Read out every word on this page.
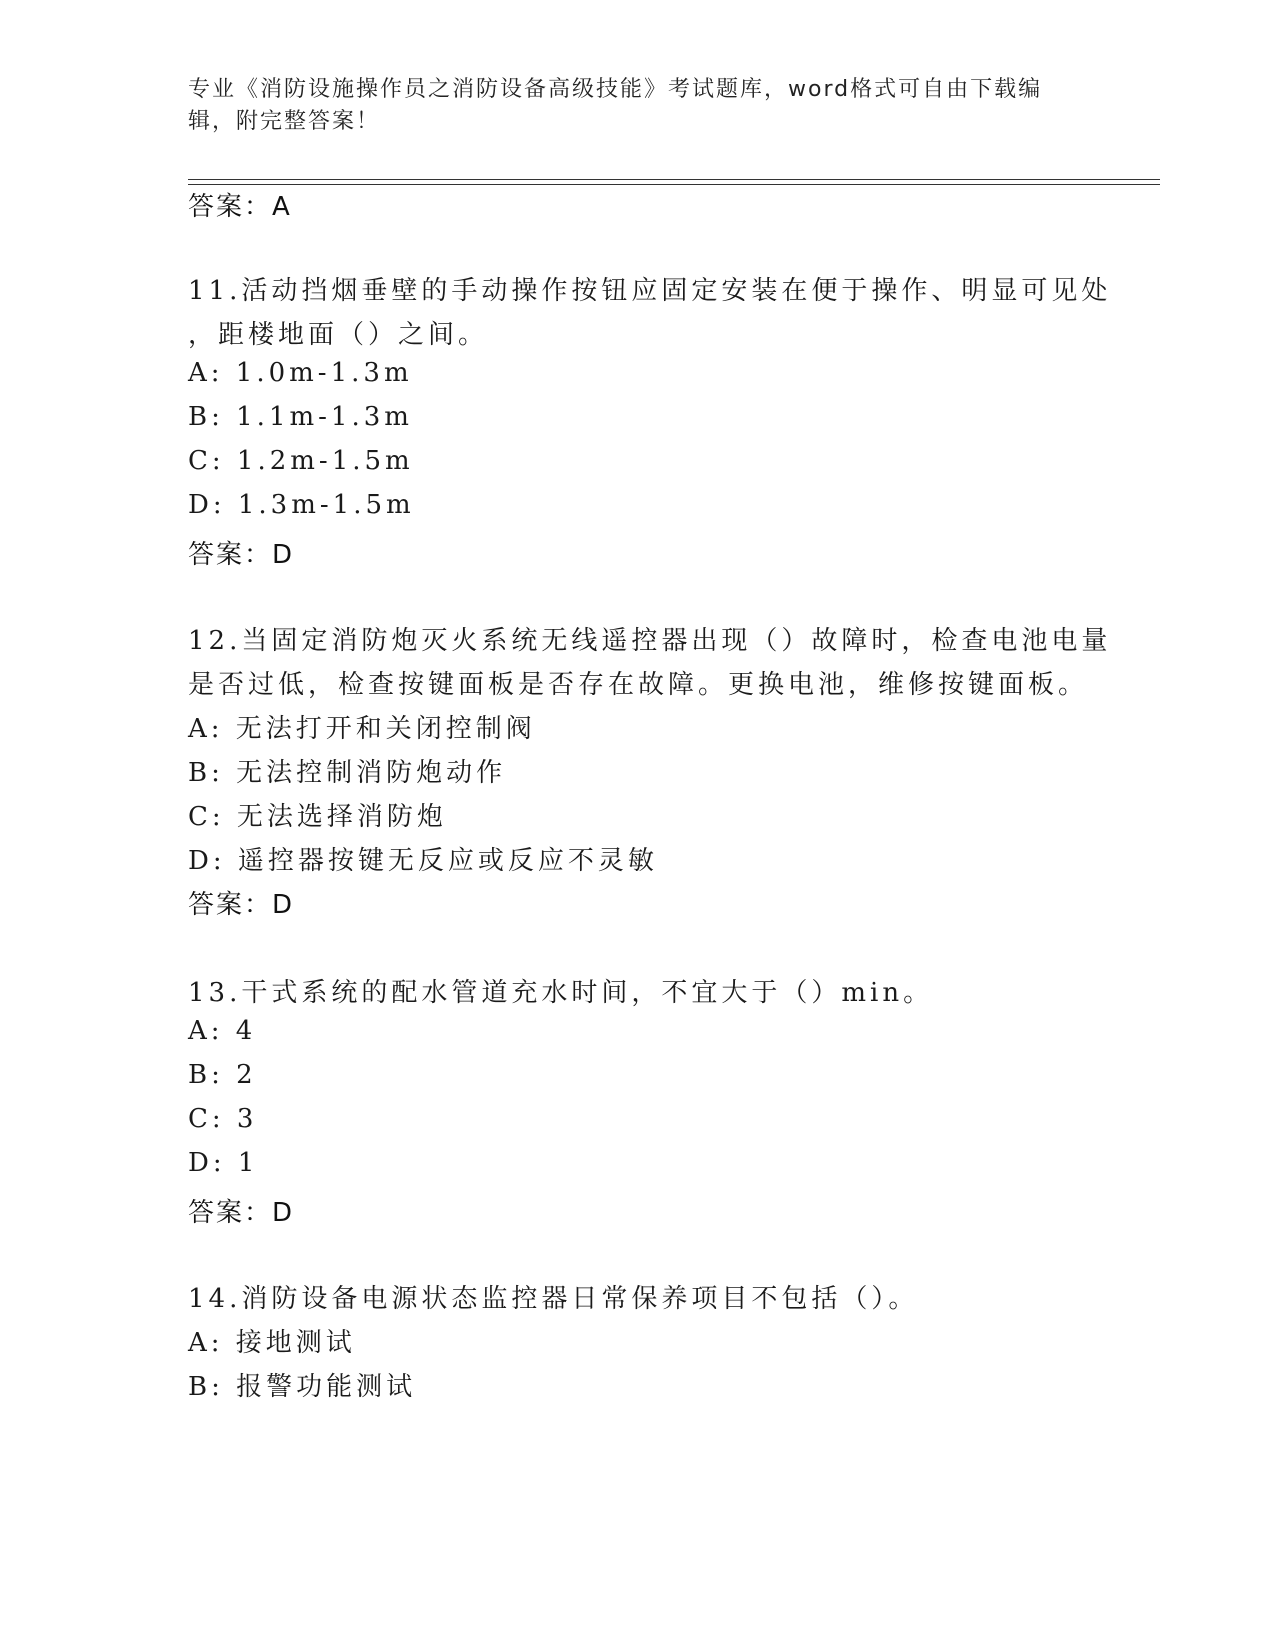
专业《消防设施操作员之消防设备高级技能》考试题库，word格式可自由下载编
辑，附完整答案！
答案：A
11.活动挡烟垂壁的手动操作按钮应固定安装在便于操作、明显可见处
，距楼地面（）之间。
A: 1.0m-1.3m
B: 1.1m-1.3m
C: 1.2m-1.5m
D: 1.3m-1.5m
答案：D
12.当固定消防炮灭火系统无线遥控器出现（）故障时，检查电池电量
是否过低，检查按键面板是否存在故障。更换电池，维修按键面板。
A: 无法打开和关闭控制阀
B: 无法控制消防炮动作
C: 无法选择消防炮
D: 遥控器按键无反应或反应不灵敏
答案：D
13.干式系统的配水管道充水时间，不宜大于（）min。
A: 4
B: 2
C: 3
D: 1
答案：D
14.消防设备电源状态监控器日常保养项目不包括（）。
A: 接地测试
B: 报警功能测试
